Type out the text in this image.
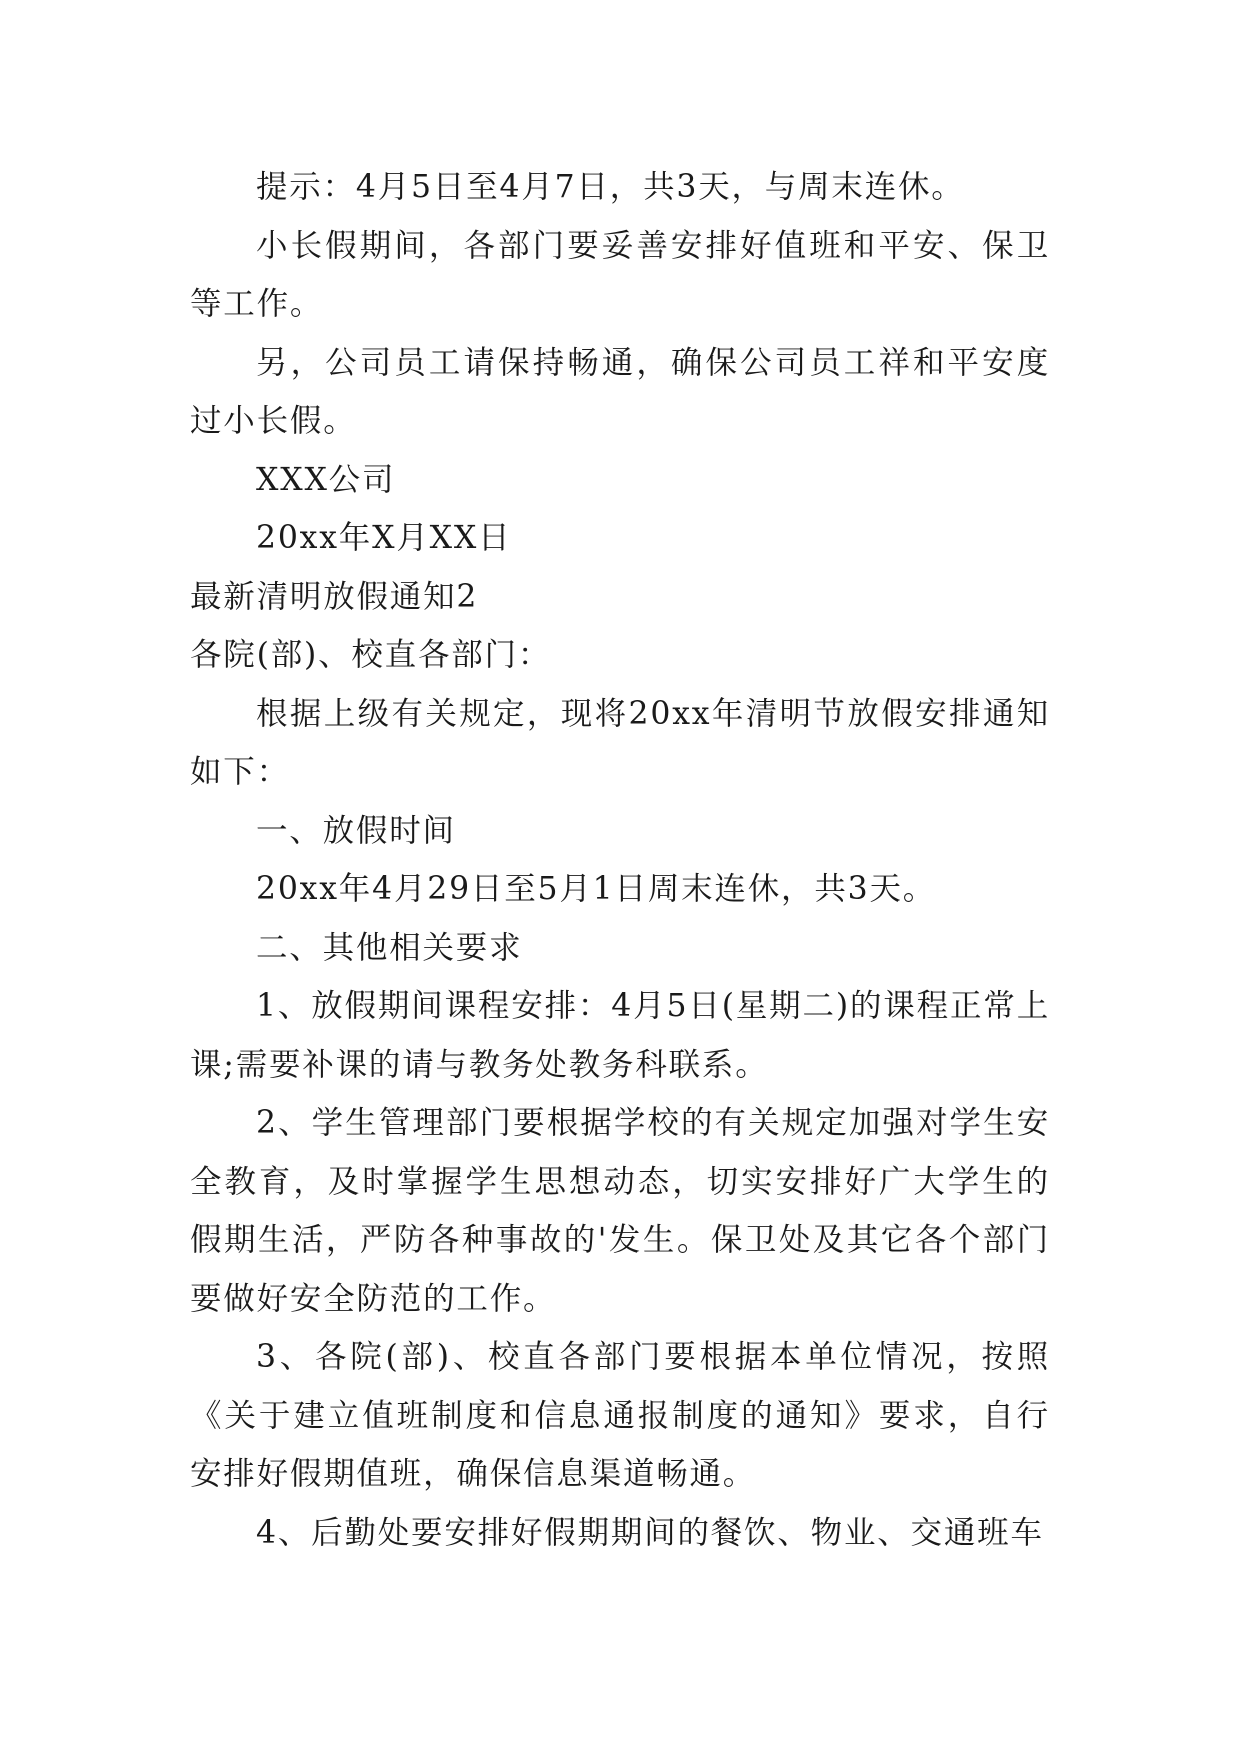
提示：4月5日至4月7日，共3天，与周末连休。

小长假期间，各部门要妥善安排好值班和平安、保卫等工作。

另，公司员工请保持畅通，确保公司员工祥和平安度过小长假。

XXX公司

20xx年X月XX日

最新清明放假通知2

各院(部)、校直各部门：

根据上级有关规定，现将20xx年清明节放假安排通知如下：

一、放假时间

20xx年4月29日至5月1日周末连休，共3天。

二、其他相关要求

1、放假期间课程安排：4月5日(星期二)的课程正常上课;需要补课的请与教务处教务科联系。

2、学生管理部门要根据学校的有关规定加强对学生安全教育，及时掌握学生思想动态，切实安排好广大学生的假期生活，严防各种事故的'发生。保卫处及其它各个部门要做好安全防范的工作。

3、各院(部)、校直各部门要根据本单位情况，按照《关于建立值班制度和信息通报制度的通知》要求，自行安排好假期值班，确保信息渠道畅通。

4、后勤处要安排好假期期间的餐饮、物业、交通班车
